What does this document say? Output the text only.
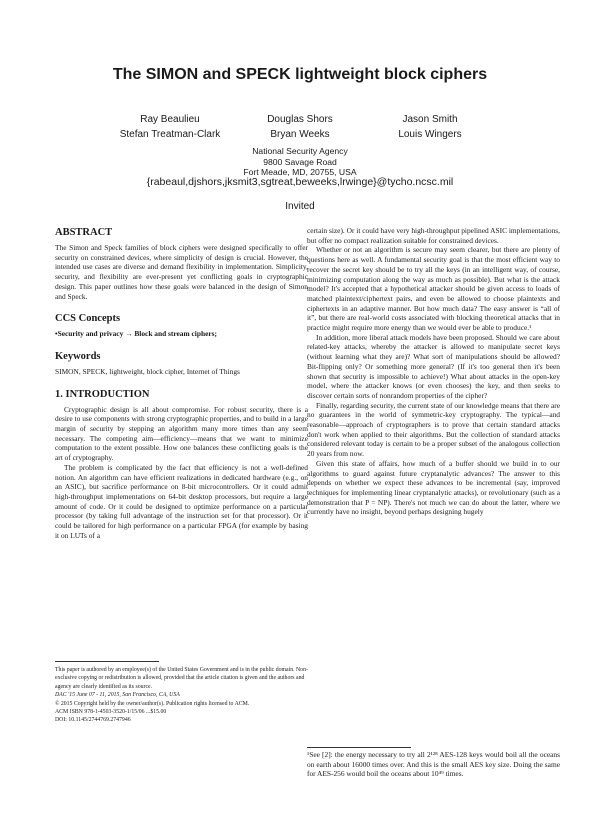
The SIMON and SPECK lightweight block ciphers
Ray Beaulieu	Douglas Shors	Jason Smith
Stefan Treatman-Clark	Bryan Weeks	Louis Wingers
National Security Agency
9800 Savage Road
Fort Meade, MD, 20755, USA
{rabeaul,djshors,jksmit3,sgtreat,beweeks,lrwinge}@tycho.ncsc.mil
Invited
ABSTRACT

The Simon and Speck families of block ciphers were designed specifically to offer security on constrained devices, where simplicity of design is crucial. However, the intended use cases are diverse and demand flexibility in implementation. Simplicity, security, and flexibility are ever-present yet conflicting goals in cryptographic design. This paper outlines how these goals were balanced in the design of Simon and Speck.

CCS Concepts

•Security and privacy → Block and stream ciphers;

Keywords

SIMON, SPECK, lightweight, block cipher, Internet of Things

1. INTRODUCTION

Cryptographic design is all about compromise. For robust security, there is a desire to use components with strong cryptographic properties, and to build in a large margin of security by stepping an algorithm many more times than any seem necessary. The competing aim—efficiency—means that we want to minimize computation to the extent possible. How one balances these conflicting goals is the art of cryptography.

The problem is complicated by the fact that efficiency is not a well-defined notion. An algorithm can have efficient realizations in dedicated hardware (e.g., on an ASIC), but sacrifice performance on 8-bit microcontrollers. Or it could admit high-throughput implementations on 64-bit desktop processors, but require a large amount of code. Or it could be designed to optimize performance on a particular processor (by taking full advantage of the instruction set for that processor). Or it could be tailored for high performance on a particular FPGA (for example by basing it on LUTs of a

This paper is authored by an employee(s) of the United States Government and is in the public domain. Non-exclusive copying or redistribution is allowed, provided that the article citation is given and the authors and agency are clearly identified as its source.
DAC '15 June 07 - 11, 2015, San Francisco, CA, USA
© 2015 Copyright held by the owner/author(s). Publication rights licensed to ACM.
ACM ISBN 978-1-4503-3520-1/15/06 ...$15.00
DOI: 10.1145/2744769.2747946

certain size). Or it could have very high-throughput pipelined ASIC implementations, but offer no compact realization suitable for constrained devices.

Whether or not an algorithm is secure may seem clearer, but there are plenty of questions here as well. A fundamental security goal is that the most efficient way to recover the secret key should be to try all the keys (in an intelligent way, of course, minimizing computation along the way as much as possible). But what is the attack model? It's accepted that a hypothetical attacker should be given access to loads of matched plaintext/ciphertext pairs, and even be allowed to choose plaintexts and ciphertexts in an adaptive manner. But how much data? The easy answer is “all of it”, but there are real-world costs associated with blocking theoretical attacks that in practice might require more energy than we would ever be able to produce.¹

In addition, more liberal attack models have been proposed. Should we care about related-key attacks, whereby the attacker is allowed to manipulate secret keys (without learning what they are)? What sort of manipulations should be allowed? Bit-flipping only? Or something more general? (If it's too general then it's been shown that security is impossible to achieve!) What about attacks in the open-key model, where the attacker knows (or even chooses) the key, and then seeks to discover certain sorts of nonrandom properties of the cipher?

Finally, regarding security, the current state of our knowledge means that there are no guarantees in the world of symmetric-key cryptography. The typical—and reasonable—approach of cryptographers is to prove that certain standard attacks don't work when applied to their algorithms. But the collection of standard attacks considered relevant today is certain to be a proper subset of the analogous collection 20 years from now.

Given this state of affairs, how much of a buffer should we build in to our algorithms to guard against future cryptanalytic advances? The answer to this depends on whether we expect these advances to be incremental (say, improved techniques for implementing linear cryptanalytic attacks), or revolutionary (such as a demonstration that P = NP). There's not much we can do about the latter, where we currently have no insight, beyond perhaps designing hugely

¹See [2]: the energy necessary to try all 2¹²⁸ AES-128 keys would boil all the oceans on earth about 16000 times over. And this is the small AES key size. Doing the same for AES-256 would boil the oceans about 10⁴⁹ times.
